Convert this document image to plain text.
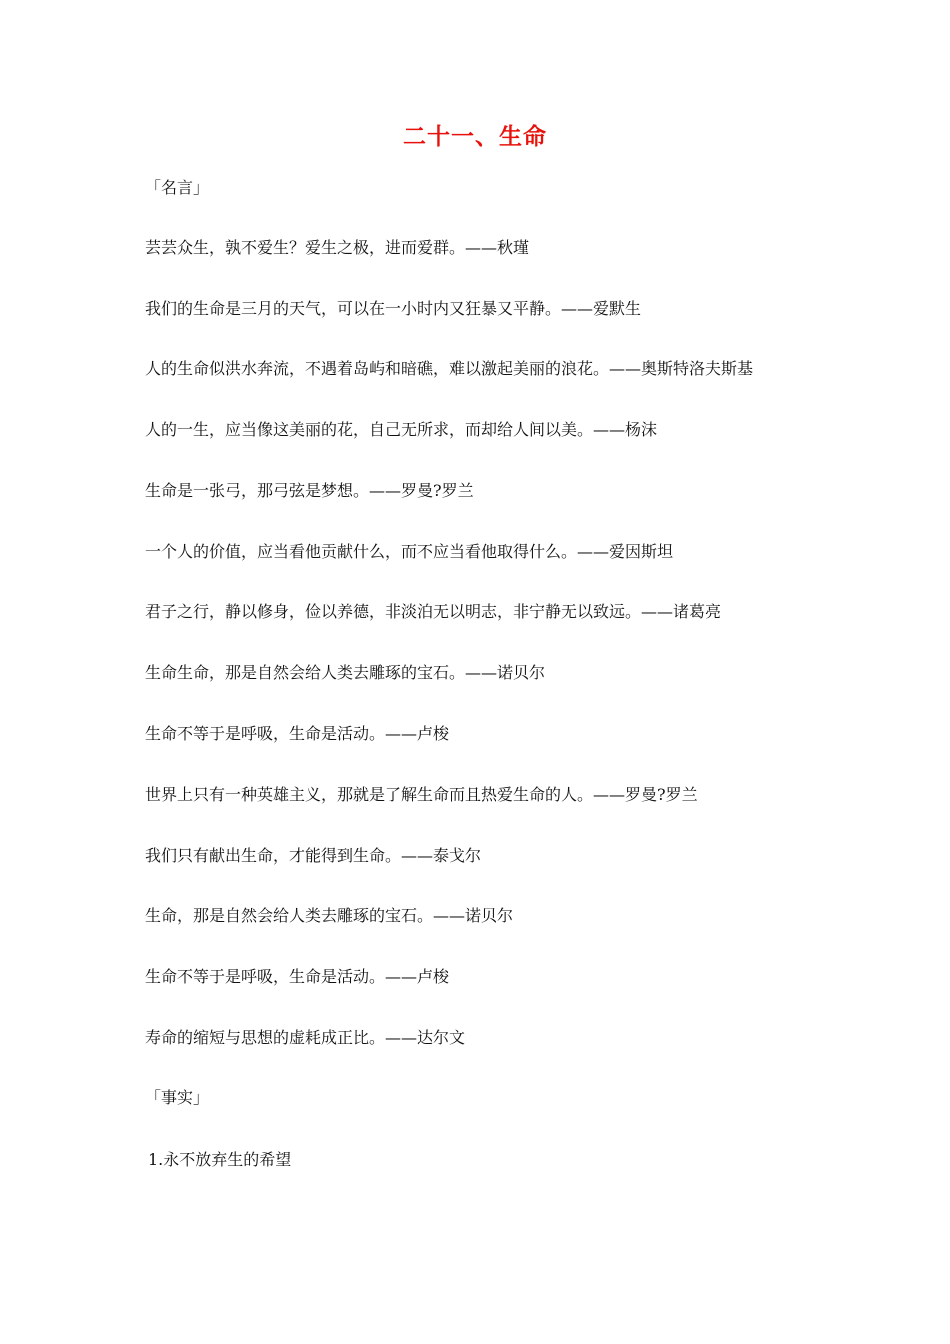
二十一、生命
「名言」
芸芸众生，孰不爱生？爱生之极，进而爱群。——秋瑾
我们的生命是三月的天气，可以在一小时内又狂暴又平静。——爱默生
人的生命似洪水奔流，不遇着岛屿和暗礁，难以激起美丽的浪花。——奥斯特洛夫斯基
人的一生，应当像这美丽的花，自己无所求，而却给人间以美。——杨沫
生命是一张弓，那弓弦是梦想。——罗曼?罗兰
一个人的价值，应当看他贡献什么，而不应当看他取得什么。——爱因斯坦
君子之行，静以修身，俭以养德，非淡泊无以明志，非宁静无以致远。——诸葛亮
生命生命，那是自然会给人类去雕琢的宝石。——诺贝尔
生命不等于是呼吸，生命是活动。——卢梭
世界上只有一种英雄主义，那就是了解生命而且热爱生命的人。——罗曼?罗兰
我们只有献出生命，才能得到生命。——泰戈尔
生命，那是自然会给人类去雕琢的宝石。——诺贝尔
生命不等于是呼吸，生命是活动。——卢梭
寿命的缩短与思想的虚耗成正比。——达尔文
「事实」
1.永不放弃生的希望
